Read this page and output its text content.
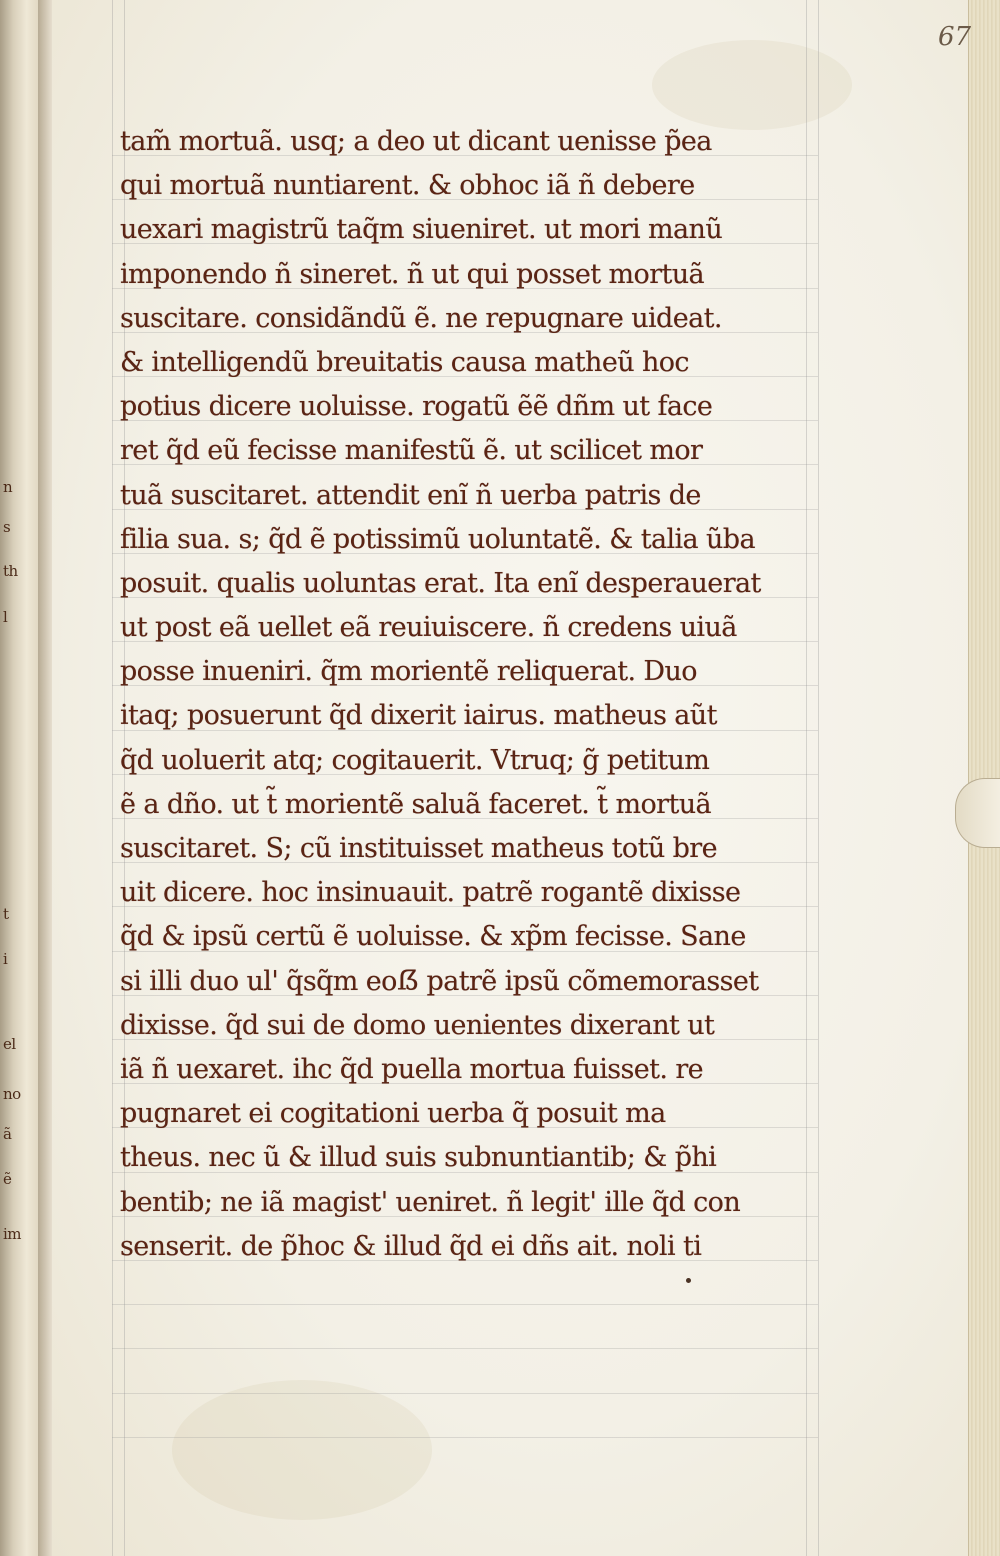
n
s
th
l
t
i
el
no
ã
ẽ
im
67
tam̃ mortuã. usq; a deo ut dicant uenisse p̃ea
qui mortuã nuntiarent. & obhoc iã ñ debere
uexari magistrũ taq̃m siueniret. ut mori manũ
imponendo ñ sineret. ñ ut qui posset mortuã
suscitare. considãndũ ẽ. ne repugnare uideat.
& intelligendũ breuitatis causa matheũ hoc
potius dicere uoluisse. rogatũ ẽẽ dñm ut face
ret q̃d eũ fecisse manifestũ ẽ. ut scilicet mor
tuã suscitaret. attendit enĩ ñ uerba patris de
filia sua. s; q̃d ẽ potissimũ uoluntatẽ. & talia ũba
posuit. qualis uoluntas erat. Ita enĩ desperauerat
ut post eã uellet eã reuiuiscere. ñ credens uiuã
posse inueniri. q̃m morientẽ reliquerat. Duo
itaq; posuerunt q̃d dixerit iairus. matheus aũt
q̃d uoluerit atq; cogitauerit. Vtruq; g̃ petitum
ẽ a dño. ut t̃ morientẽ saluã faceret. t̃ mortuã
suscitaret. S; cũ instituisset matheus totũ bre
uit dicere. hoc insinuauit. patrẽ rogantẽ dixisse
q̃d & ipsũ certũ ẽ uoluisse. & xp̃m fecisse. Sane
si illi duo ul' q̃sq̃m eoẞ patrẽ ipsũ cõmemorasset
dixisse. q̃d sui de domo uenientes dixerant ut
iã ñ uexaret. ihc q̃d puella mortua fuisset. re
pugnaret ei cogitationi uerba q̃ posuit ma
theus. nec ũ & illud suis subnuntiantib; & p̃hi
bentib; ne iã magist' ueniret. ñ legit' ille q̃d con
senserit. de p̃hoc & illud q̃d ei dñs ait. noli ti
